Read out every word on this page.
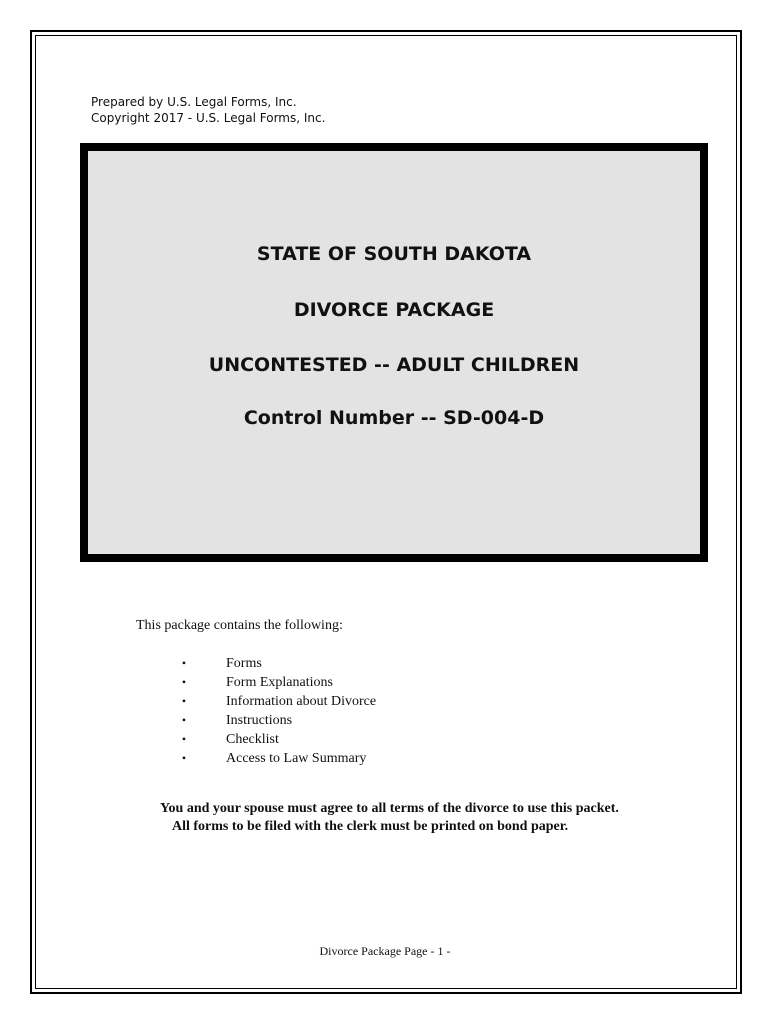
Prepared by U.S. Legal Forms, Inc.
Copyright 2017 - U.S. Legal Forms, Inc.
STATE OF SOUTH DAKOTA
DIVORCE PACKAGE
UNCONTESTED -- ADULT CHILDREN
Control Number -- SD-004-D
This package contains the following:
•	Forms
•	Form Explanations
•	Information about Divorce
•	Instructions
•	Checklist
•	Access to Law Summary
You and your spouse must agree to all terms of the divorce to use this packet.
All forms to be filed with the clerk must be printed on bond paper.
Divorce Package Page - 1 -
